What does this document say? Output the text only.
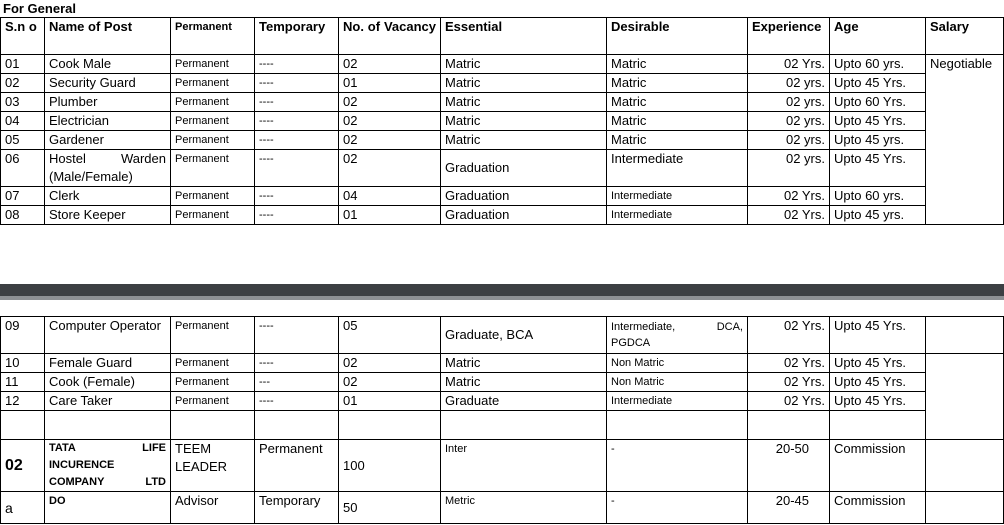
For General
S.n o	Name of Post	Permanent	Temporary	No. of Vacancy	Essential	Desirable	Experience	Age	Salary
01	Cook Male	Permanent	----	02	Matric	Matric	02 Yrs.	Upto 60 yrs.	Negotiable
02	Security Guard	Permanent	----	01	Matric	Matric	02 yrs.	Upto 45 Yrs.	
03	Plumber	Permanent	----	02	Matric	Matric	02 yrs.	Upto 60 Yrs.	
04	Electrician	Permanent	----	02	Matric	Matric	02 yrs.	Upto 45 Yrs.	
05	Gardener	Permanent	----	02	Matric	Matric	02 yrs.	Upto 45 yrs.	
06	Hostel Warden (Male/Female)	Permanent	----	02	Graduation	Intermediate	02 yrs.	Upto 45 Yrs.	
07	Clerk	Permanent	----	04	Graduation	Intermediate	02 Yrs.	Upto 60 yrs.	
08	Store Keeper	Permanent	----	01	Graduation	Intermediate	02 Yrs.	Upto 45 yrs.	
09	Computer Operator	Permanent	----	05	Graduate, BCA	Intermediate, DCA, PGDCA	02 Yrs.	Upto 45 Yrs.	
10	Female Guard	Permanent	----	02	Matric	Non Matric	02 Yrs.	Upto 45 Yrs.	
11	Cook (Female)	Permanent	---	02	Matric	Non Matric	02 Yrs.	Upto 45 Yrs.	
12	Care Taker	Permanent	----	01	Graduate	Intermediate	02 Yrs.	Upto 45 Yrs.	

02	TATA LIFE INCURENCE COMPANY LTD	TEEM LEADER	Permanent	100	Inter	-	20-50	Commission	
a	DO	Advisor	Temporary	50	Metric	-	20-45	Commission	
